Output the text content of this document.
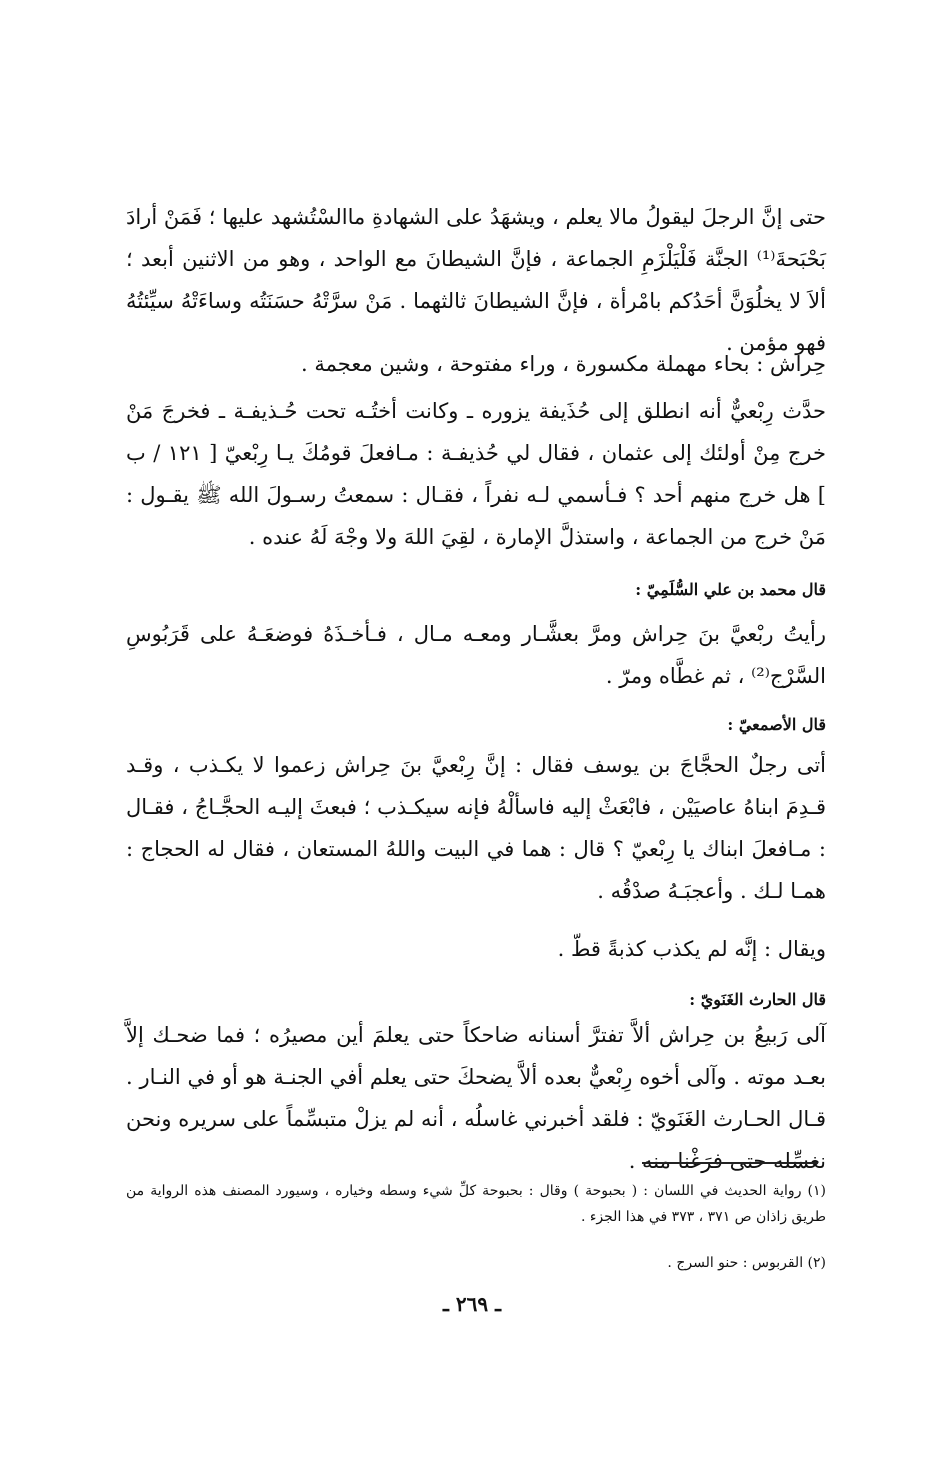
حتى إنَّ الرجلَ ليقولُ مالا يعلم ، ويشهَدُ على الشهادةِ ماالسْتُشهد عليها ؛ فَمَنْ أرادَ بَحْبَحةَ⁽¹⁾ الجنَّة فَلْيَلْزَمِ الجماعة ، فإنَّ الشيطانَ مع الواحد ، وهو من الاثنين أبعد ؛ ألاَ لا يخلُوَنَّ أحَدُكم بامْرأة ، فإنَّ الشيطانَ ثالثهما . مَنْ سرَّتْهُ حسَنَتُه وساءَتْهُ سيِّئتُهُ فهو مؤمن .
حِراش : بحاء مهملة مكسورة ، وراء مفتوحة ، وشين معجمة .
حدَّث رِبْعيٌّ أنه انطلق إلى حُذَيفة يزوره ـ وكانت أختُـه تحت حُـذيفـة ـ فخرجَ مَنْ خرج مِنْ أولئك إلى عثمان ، فقال لي حُذيفـة : مـافعلَ قومُكَ يـا رِبْعيّ [ ١٢١ / ب ] هل خرج منهم أحد ؟ فـأسمي لـه نفراً ، فقـال : سمعتُ رسـولَ الله ﷺ يقـول : مَنْ خرج من الجماعة ، واستذلَّ الإمارة ، لقِيَ اللهَ ولا وجْهَ لَهُ عنده .
قال محمد بن علي السُّلَمِيّ :
رأيتُ ربْعيَّ بنَ حِراش ومرَّ بعشَّـار ومعـه مـال ، فـأخـذَهُ فوضعَـهُ على قَرَبُوسِ السَّرْج⁽²⁾ ، ثم غطَّاه ومرّ .
قال الأصمعيّ :
أتى رجلٌ الحجَّاجَ بن يوسف فقال : إنَّ رِبْعيَّ بنَ حِراش زعموا لا يكـذب ، وقـد قـدِمَ ابناهُ عاصيَيْن ، فابْعَثْ إليه فاسألْهُ فإنه سيكـذب ؛ فبعثَ إليـه الحجَّـاجُ ، فقـال : مـافعلَ ابناك يا رِبْعيّ ؟ قال : هما في البيت واللهُ المستعان ، فقال له الحجاج : همـا لـك . وأعجبَـهُ صدْقُه .
ويقال : إنَّه لم يكذب كذبةً قطّ .
قال الحارث الغَنَويّ :
آلى رَبيعُ بن حِراش ألاَّ تفترَّ أسنانه ضاحكاً حتى يعلمَ أين مصيرُه ؛ فما ضحـك إلاَّ بعـد موته . وآلى أخوه رِبْعيٌّ بعده ألاَّ يضحكَ حتى يعلم أفي الجنـة هو أو في النـار . قـال الحـارث الغَنَويّ : فلقد أخبرني غاسلُه ، أنه لم يزلْ متبسِّماً على سريره ونحن نغسِّله حتى فرَغْنا منه .
(١) رواية الحديث في اللسان : ( بحبوحة ) وقال : بحبوحة كلِّ شيء وسطه وخياره ، وسيورد المصنف هذه الرواية من طريق زاذان ص ٣٧١ ، ٣٧٣ في هذا الجزء .
(٢) القربوس : حنو السرج .
ـ ٢٦٩ ـ
